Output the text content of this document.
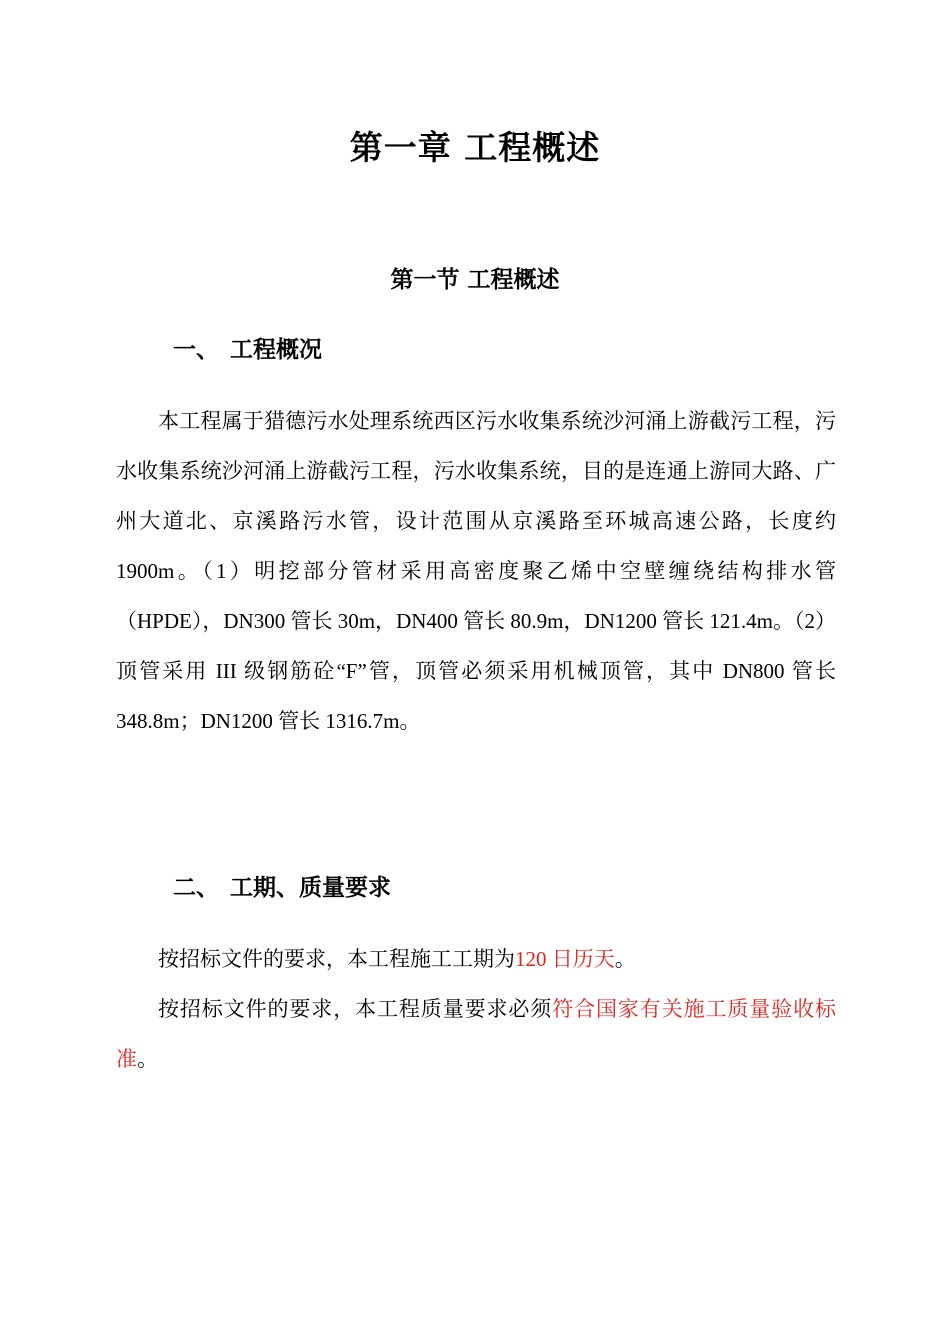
第一章 工程概述
第一节 工程概述
一、 工程概况

本工程属于猎德污水处理系统西区污水收集系统沙河涌上游截污工程，污水收集系统沙河涌上游截污工程，污水收集系统，目的是连通上游同大路、广州大道北、京溪路污水管，设计范围从京溪路至环城高速公路，长度约 1900m。（1）明挖部分管材采用高密度聚乙烯中空壁缠绕结构排水管（HPDE），DN300 管长 30m，DN400 管长 80.9m，DN1200 管长 121.4m。（2）顶管采用 III 级钢筋砼“F”管，顶管必须采用机械顶管，其中 DN800 管长 348.8m；DN1200 管长 1316.7m。

二、 工期、质量要求

按招标文件的要求，本工程施工工期为120 日历天。

按招标文件的要求，本工程质量要求必须符合国家有关施工质量验收标准。
